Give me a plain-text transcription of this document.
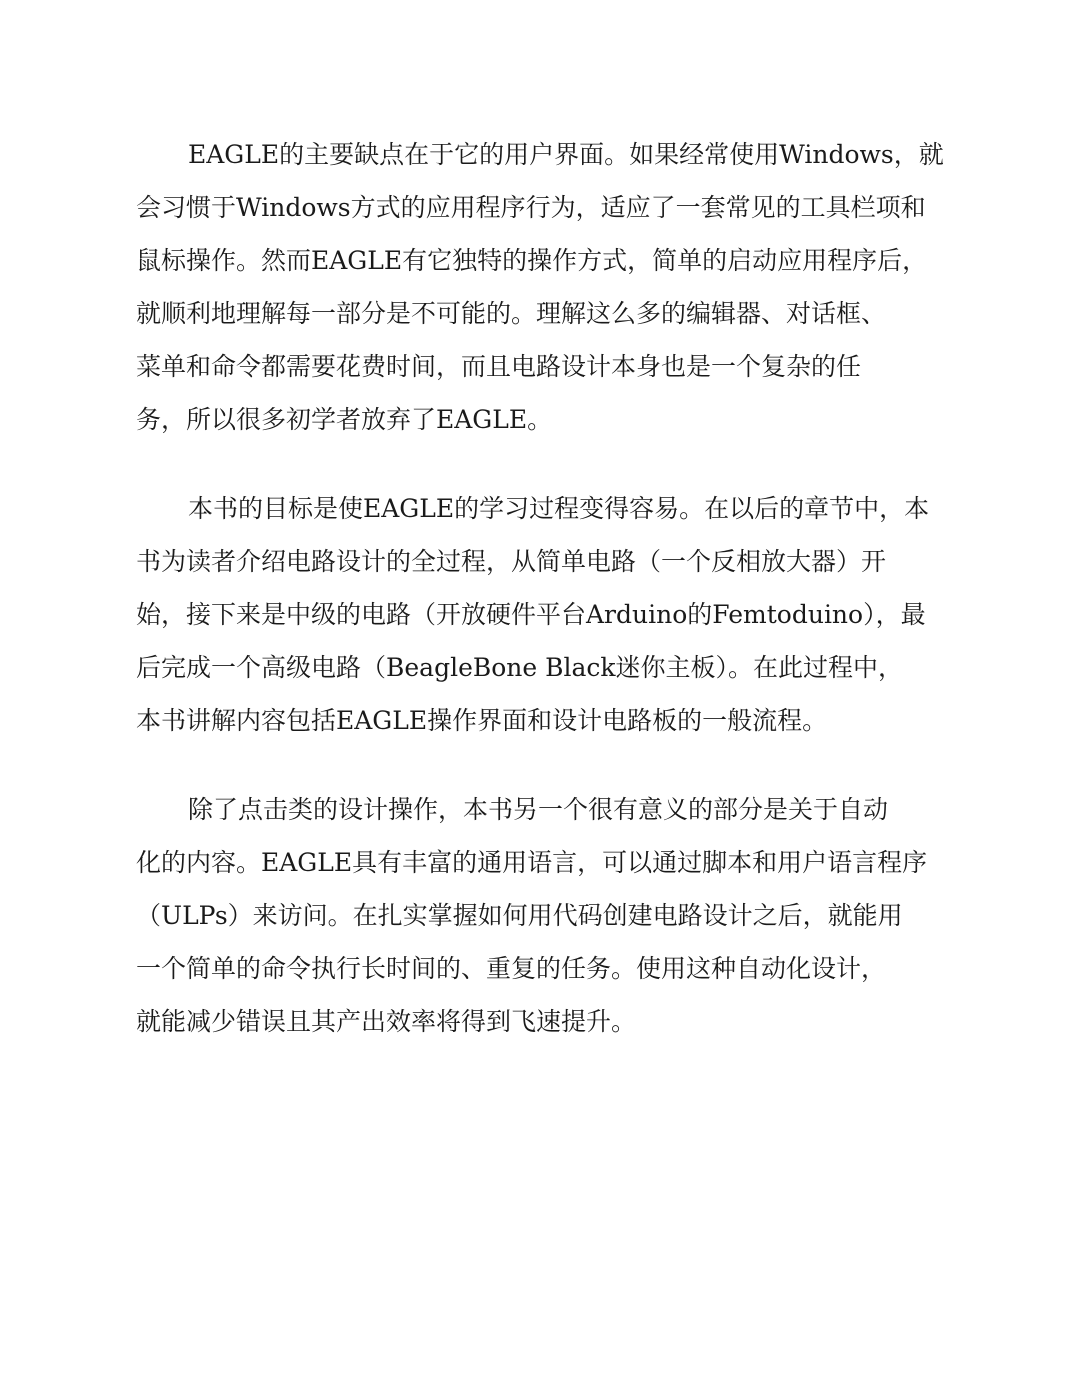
EAGLE的主要缺点在于它的用户界面。如果经常使用Windows，就
会习惯于Windows方式的应用程序行为，适应了一套常见的工具栏项和
鼠标操作。然而EAGLE有它独特的操作方式，简单的启动应用程序后，
就顺利地理解每一部分是不可能的。理解这么多的编辑器、对话框、
菜单和命令都需要花费时间，而且电路设计本身也是一个复杂的任
务，所以很多初学者放弃了EAGLE。
本书的目标是使EAGLE的学习过程变得容易。在以后的章节中，本
书为读者介绍电路设计的全过程，从简单电路（一个反相放大器）开
始，接下来是中级的电路（开放硬件平台Arduino的Femtoduino），最
后完成一个高级电路（BeagleBone Black迷你主板）。在此过程中，
本书讲解内容包括EAGLE操作界面和设计电路板的一般流程。
除了点击类的设计操作，本书另一个很有意义的部分是关于自动
化的内容。EAGLE具有丰富的通用语言，可以通过脚本和用户语言程序
（ULPs）来访问。在扎实掌握如何用代码创建电路设计之后，就能用
一个简单的命令执行长时间的、重复的任务。使用这种自动化设计，
就能减少错误且其产出效率将得到飞速提升。
